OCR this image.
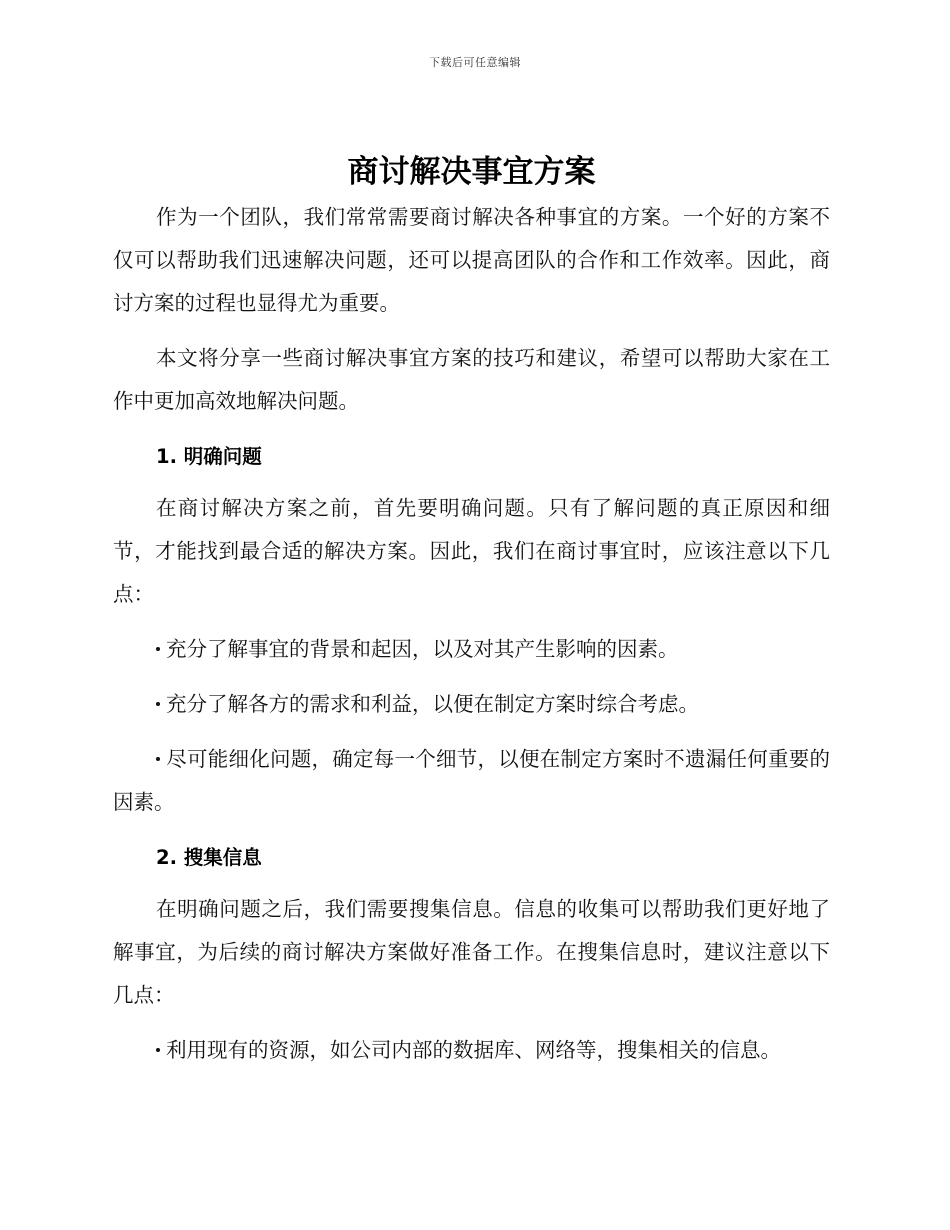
下载后可任意编辑
商讨解决事宜方案

作为一个团队，我们常常需要商讨解决各种事宜的方案。一个好的方案不仅可以帮助我们迅速解决问题，还可以提高团队的合作和工作效率。因此，商讨方案的过程也显得尤为重要。

本文将分享一些商讨解决事宜方案的技巧和建议，希望可以帮助大家在工作中更加高效地解决问题。

1. 明确问题

在商讨解决方案之前，首先要明确问题。只有了解问题的真正原因和细节，才能找到最合适的解决方案。因此，我们在商讨事宜时，应该注意以下几点：

充分了解事宜的背景和起因，以及对其产生影响的因素。

充分了解各方的需求和利益，以便在制定方案时综合考虑。

尽可能细化问题，确定每一个细节，以便在制定方案时不遗漏任何重要的因素。

2. 搜集信息

在明确问题之后，我们需要搜集信息。信息的收集可以帮助我们更好地了解事宜，为后续的商讨解决方案做好准备工作。在搜集信息时，建议注意以下几点：

利用现有的资源，如公司内部的数据库、网络等，搜集相关的信息。
